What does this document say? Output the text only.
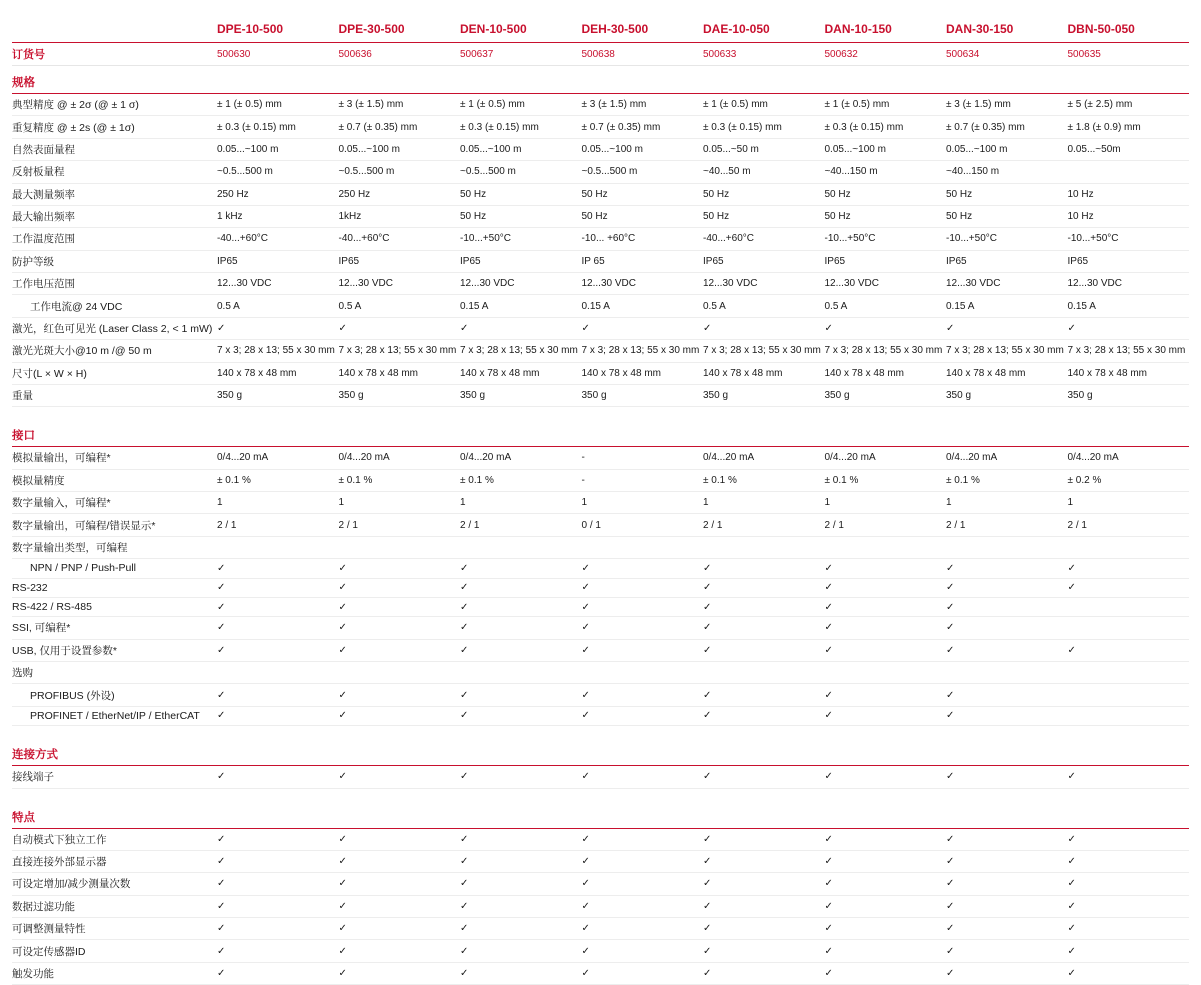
	DPE-10-500	DPE-30-500	DEN-10-500	DEH-30-500	DAE-10-050	DAN-10-150	DAN-30-150	DBN-50-050
订货号	500630	500636	500637	500638	500633	500632	500634	500635
规格								
典型精度 @ ± 2σ (@ ± 1 σ)	± 1 (± 0.5) mm	± 3 (± 1.5) mm	± 1 (± 0.5) mm	± 3 (± 1.5) mm	± 1 (± 0.5) mm	± 1 (± 0.5) mm	± 3 (± 1.5) mm	± 5 (± 2.5) mm
重复精度 @ ± 2s (@ ± 1σ)	± 0.3 (± 0.15) mm	± 0.7 (± 0.35) mm	± 0.3 (± 0.15) mm	± 0.7 (± 0.35) mm	± 0.3 (± 0.15) mm	± 0.3 (± 0.15) mm	± 0.7 (± 0.35) mm	± 1.8 (± 0.9) mm
自然表面量程	0.05...~100 m	0.05...~100 m	0.05...~100 m	0.05...~100 m	0.05...~50 m	0.05...~100 m	0.05...~100 m	0.05...~50m
反射板量程	~0.5...500 m	~0.5...500 m	~0.5...500 m	~0.5...500 m	~40...50 m	~40...150 m	~40...150 m	
最大测量频率	250 Hz	250 Hz	50 Hz	50 Hz	50 Hz	50 Hz	50 Hz	10 Hz
最大输出频率	1 kHz	1kHz	50 Hz	50 Hz	50 Hz	50 Hz	50 Hz	10 Hz
工作温度范围	-40...+60°C	-40...+60°C	-10...+50°C	-10... +60°C	-40...+60°C	-10...+50°C	-10...+50°C	-10...+50°C
防护等级	IP65	IP65	IP65	IP 65	IP65	IP65	IP65	IP65
工作电压范围	12...30 VDC	12...30 VDC	12...30 VDC	12...30 VDC	12...30 VDC	12...30 VDC	12...30 VDC	12...30 VDC
工作电流@ 24 VDC	0.5 A	0.5 A	0.15 A	0.15 A	0.5 A	0.5 A	0.15 A	0.15 A
激光，红色可见光 (Laser Class 2, < 1 mW)	✓	✓	✓	✓	✓	✓	✓	✓
激光光斑大小@10 m /@ 50 m	7 x 3; 28 x 13; 55 x 30 mm	7 x 3; 28 x 13; 55 x 30 mm	7 x 3; 28 x 13; 55 x 30 mm	7 x 3; 28 x 13; 55 x 30 mm	7 x 3; 28 x 13; 55 x 30 mm	7 x 3; 28 x 13; 55 x 30 mm	7 x 3; 28 x 13; 55 x 30 mm	7 x 3; 28 x 13; 55 x 30 mm
尺寸(L × W × H)	140 x 78 x 48 mm	140 x 78 x 48 mm	140 x 78 x 48 mm	140 x 78 x 48 mm	140 x 78 x 48 mm	140 x 78 x 48 mm	140 x 78 x 48 mm	140 x 78 x 48 mm
重量	350 g	350 g	350 g	350 g	350 g	350 g	350 g	350 g
接口								
模拟量输出，可编程*	0/4...20 mA	0/4...20 mA	0/4...20 mA	-	0/4...20 mA	0/4...20 mA	0/4...20 mA	0/4...20 mA
模拟量精度	± 0.1 %	± 0.1 %	± 0.1 %	-	± 0.1 %	± 0.1 %	± 0.1 %	± 0.2 %
数字量输入，可编程*	1	1	1	1	1	1	1	1
数字量输出，可编程/错误显示*	2 / 1	2 / 1	2 / 1	0 / 1	2 / 1	2 / 1	2 / 1	2 / 1
数字量输出类型，可编程								
NPN / PNP / Push-Pull	✓	✓	✓	✓	✓	✓	✓	✓
RS-232	✓	✓	✓	✓	✓	✓	✓	✓
RS-422 / RS-485	✓	✓	✓	✓	✓	✓	✓	
SSI, 可编程*	✓	✓	✓	✓	✓	✓	✓	
USB, 仅用于设置参数*	✓	✓	✓	✓	✓	✓	✓	✓
选购								
PROFIBUS (外设)	✓	✓	✓	✓	✓	✓	✓	
PROFINET / EtherNet/IP / EtherCAT	✓	✓	✓	✓	✓	✓	✓	
连接方式								
接线端子	✓	✓	✓	✓	✓	✓	✓	✓
特点								
自动模式下独立工作	✓	✓	✓	✓	✓	✓	✓	✓
直接连接外部显示器	✓	✓	✓	✓	✓	✓	✓	✓
可设定增加/减少测量次数	✓	✓	✓	✓	✓	✓	✓	✓
数据过滤功能	✓	✓	✓	✓	✓	✓	✓	✓
可调整测量特性	✓	✓	✓	✓	✓	✓	✓	✓
可设定传感器ID	✓	✓	✓	✓	✓	✓	✓	✓
触发功能	✓	✓	✓	✓	✓	✓	✓	✓
